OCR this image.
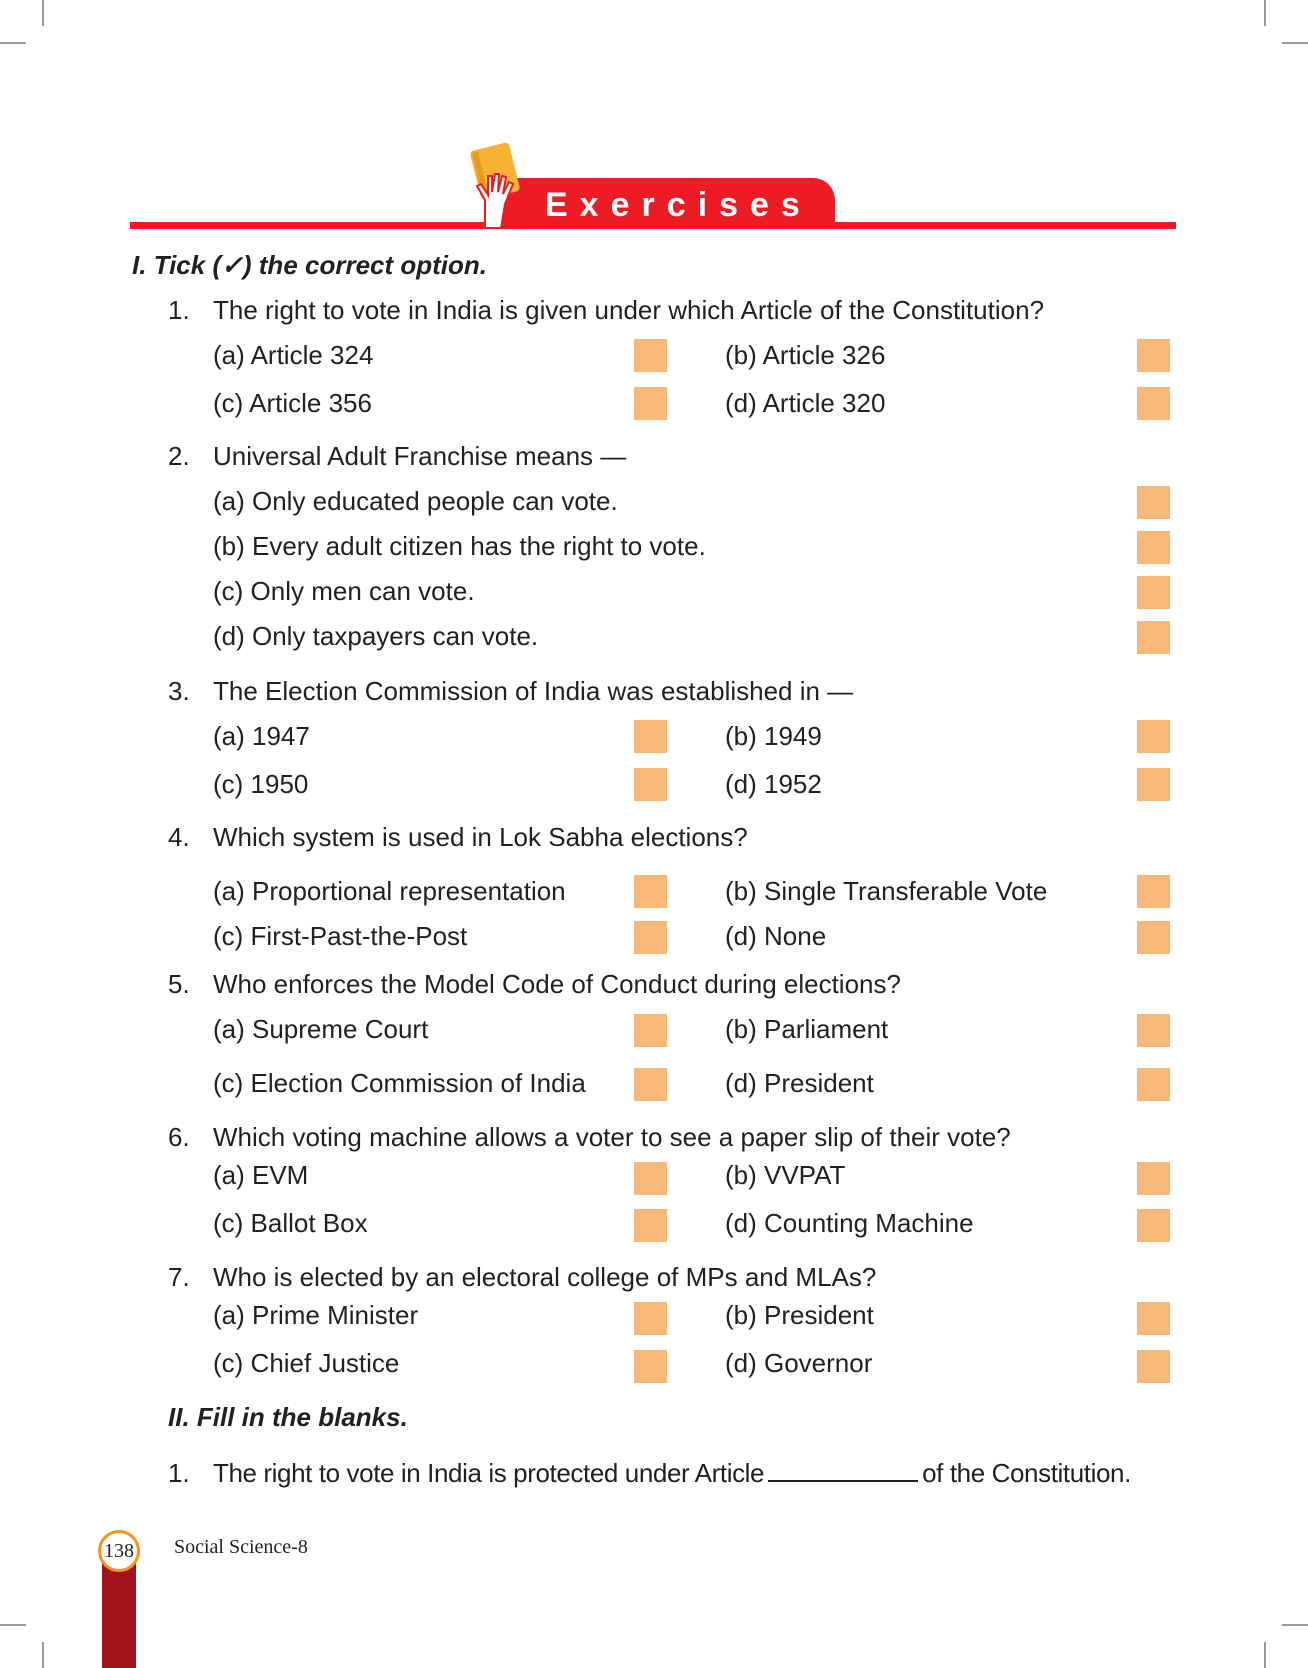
Exercises
I. Tick (✓) the correct option.
1. The right to vote in India is given under which Article of the Constitution?
(a) Article 324	(b) Article 326
(c) Article 356	(d) Article 320
2. Universal Adult Franchise means —
(a) Only educated people can vote.
(b) Every adult citizen has the right to vote.
(c) Only men can vote.
(d) Only taxpayers can vote.
3. The Election Commission of India was established in —
(a) 1947	(b) 1949
(c) 1950	(d) 1952
4. Which system is used in Lok Sabha elections?
(a) Proportional representation	(b) Single Transferable Vote
(c) First-Past-the-Post	(d) None
5. Who enforces the Model Code of Conduct during elections?
(a) Supreme Court	(b) Parliament
(c) Election Commission of India	(d) President
6. Which voting machine allows a voter to see a paper slip of their vote?
(a) EVM	(b) VVPAT
(c) Ballot Box	(d) Counting Machine
7. Who is elected by an electoral college of MPs and MLAs?
(a) Prime Minister	(b) President
(c) Chief Justice	(d) Governor
II. Fill in the blanks.
1. The right to vote in India is protected under Article	of the Constitution.
138	Social Science-8
